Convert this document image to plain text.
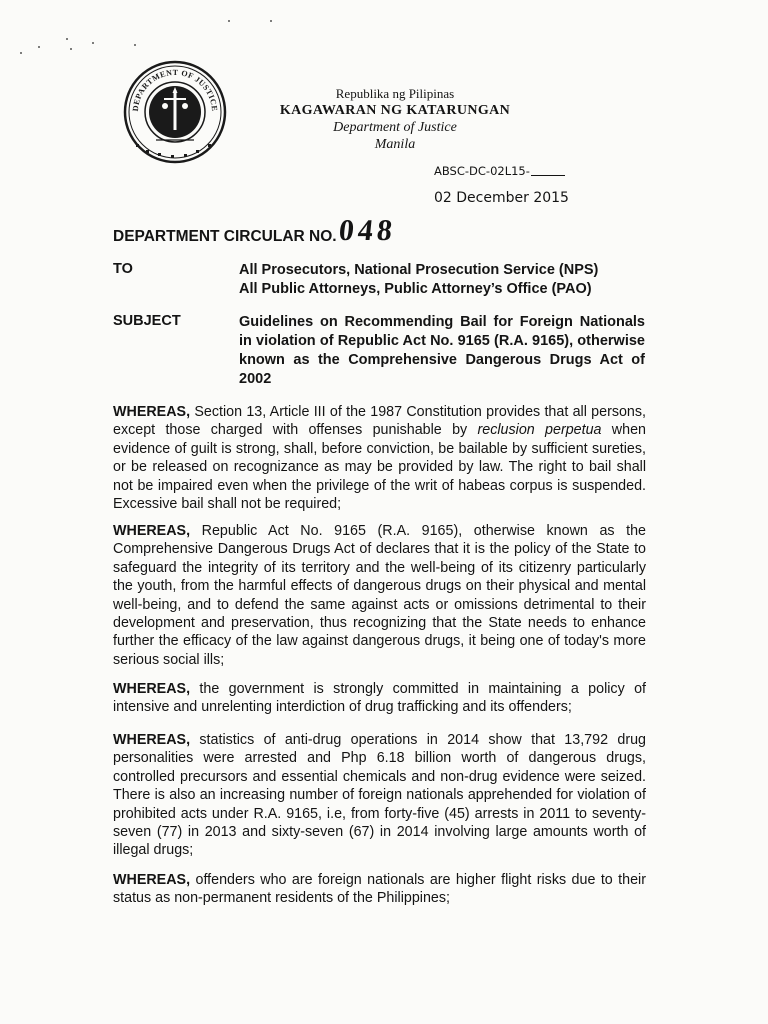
DEPARTMENT OF JUSTICE
Republika ng Pilipinas
KAGAWARAN NG KATARUNGAN
Department of Justice
Manila
ABSC-DC-02L15-
02 December 2015
DEPARTMENT CIRCULAR NO. 048
TO	All Prosecutors, National Prosecution Service (NPS)
All Public Attorneys, Public Attorney’s Office (PAO)
SUBJECT	Guidelines on Recommending Bail for Foreign Nationals in violation of Republic Act No. 9165 (R.A. 9165), otherwise known as the Comprehensive Dangerous Drugs Act of 2002
WHEREAS, Section 13, Article III of the 1987 Constitution provides that all persons, except those charged with offenses punishable by reclusion perpetua when evidence of guilt is strong, shall, before conviction, be bailable by sufficient sureties, or be released on recognizance as may be provided by law. The right to bail shall not be impaired even when the privilege of the writ of habeas corpus is suspended. Excessive bail shall not be required;
WHEREAS, Republic Act No. 9165 (R.A. 9165), otherwise known as the Comprehensive Dangerous Drugs Act of declares that it is the policy of the State to safeguard the integrity of its territory and the well-being of its citizenry particularly the youth, from the harmful effects of dangerous drugs on their physical and mental well-being, and to defend the same against acts or omissions detrimental to their development and preservation, thus recognizing that the State needs to enhance further the efficacy of the law against dangerous drugs, it being one of today's more serious social ills;
WHEREAS, the government is strongly committed in maintaining a policy of intensive and unrelenting interdiction of drug trafficking and its offenders;
WHEREAS, statistics of anti-drug operations in 2014 show that 13,792 drug personalities were arrested and Php 6.18 billion worth of dangerous drugs, controlled precursors and essential chemicals and non-drug evidence were seized. There is also an increasing number of foreign nationals apprehended for violation of prohibited acts under R.A. 9165, i.e, from forty-five (45) arrests in 2011 to seventy-seven (77) in 2013 and sixty-seven (67) in 2014 involving large amounts worth of illegal drugs;
WHEREAS, offenders who are foreign nationals are higher flight risks due to their status as non-permanent residents of the Philippines;
